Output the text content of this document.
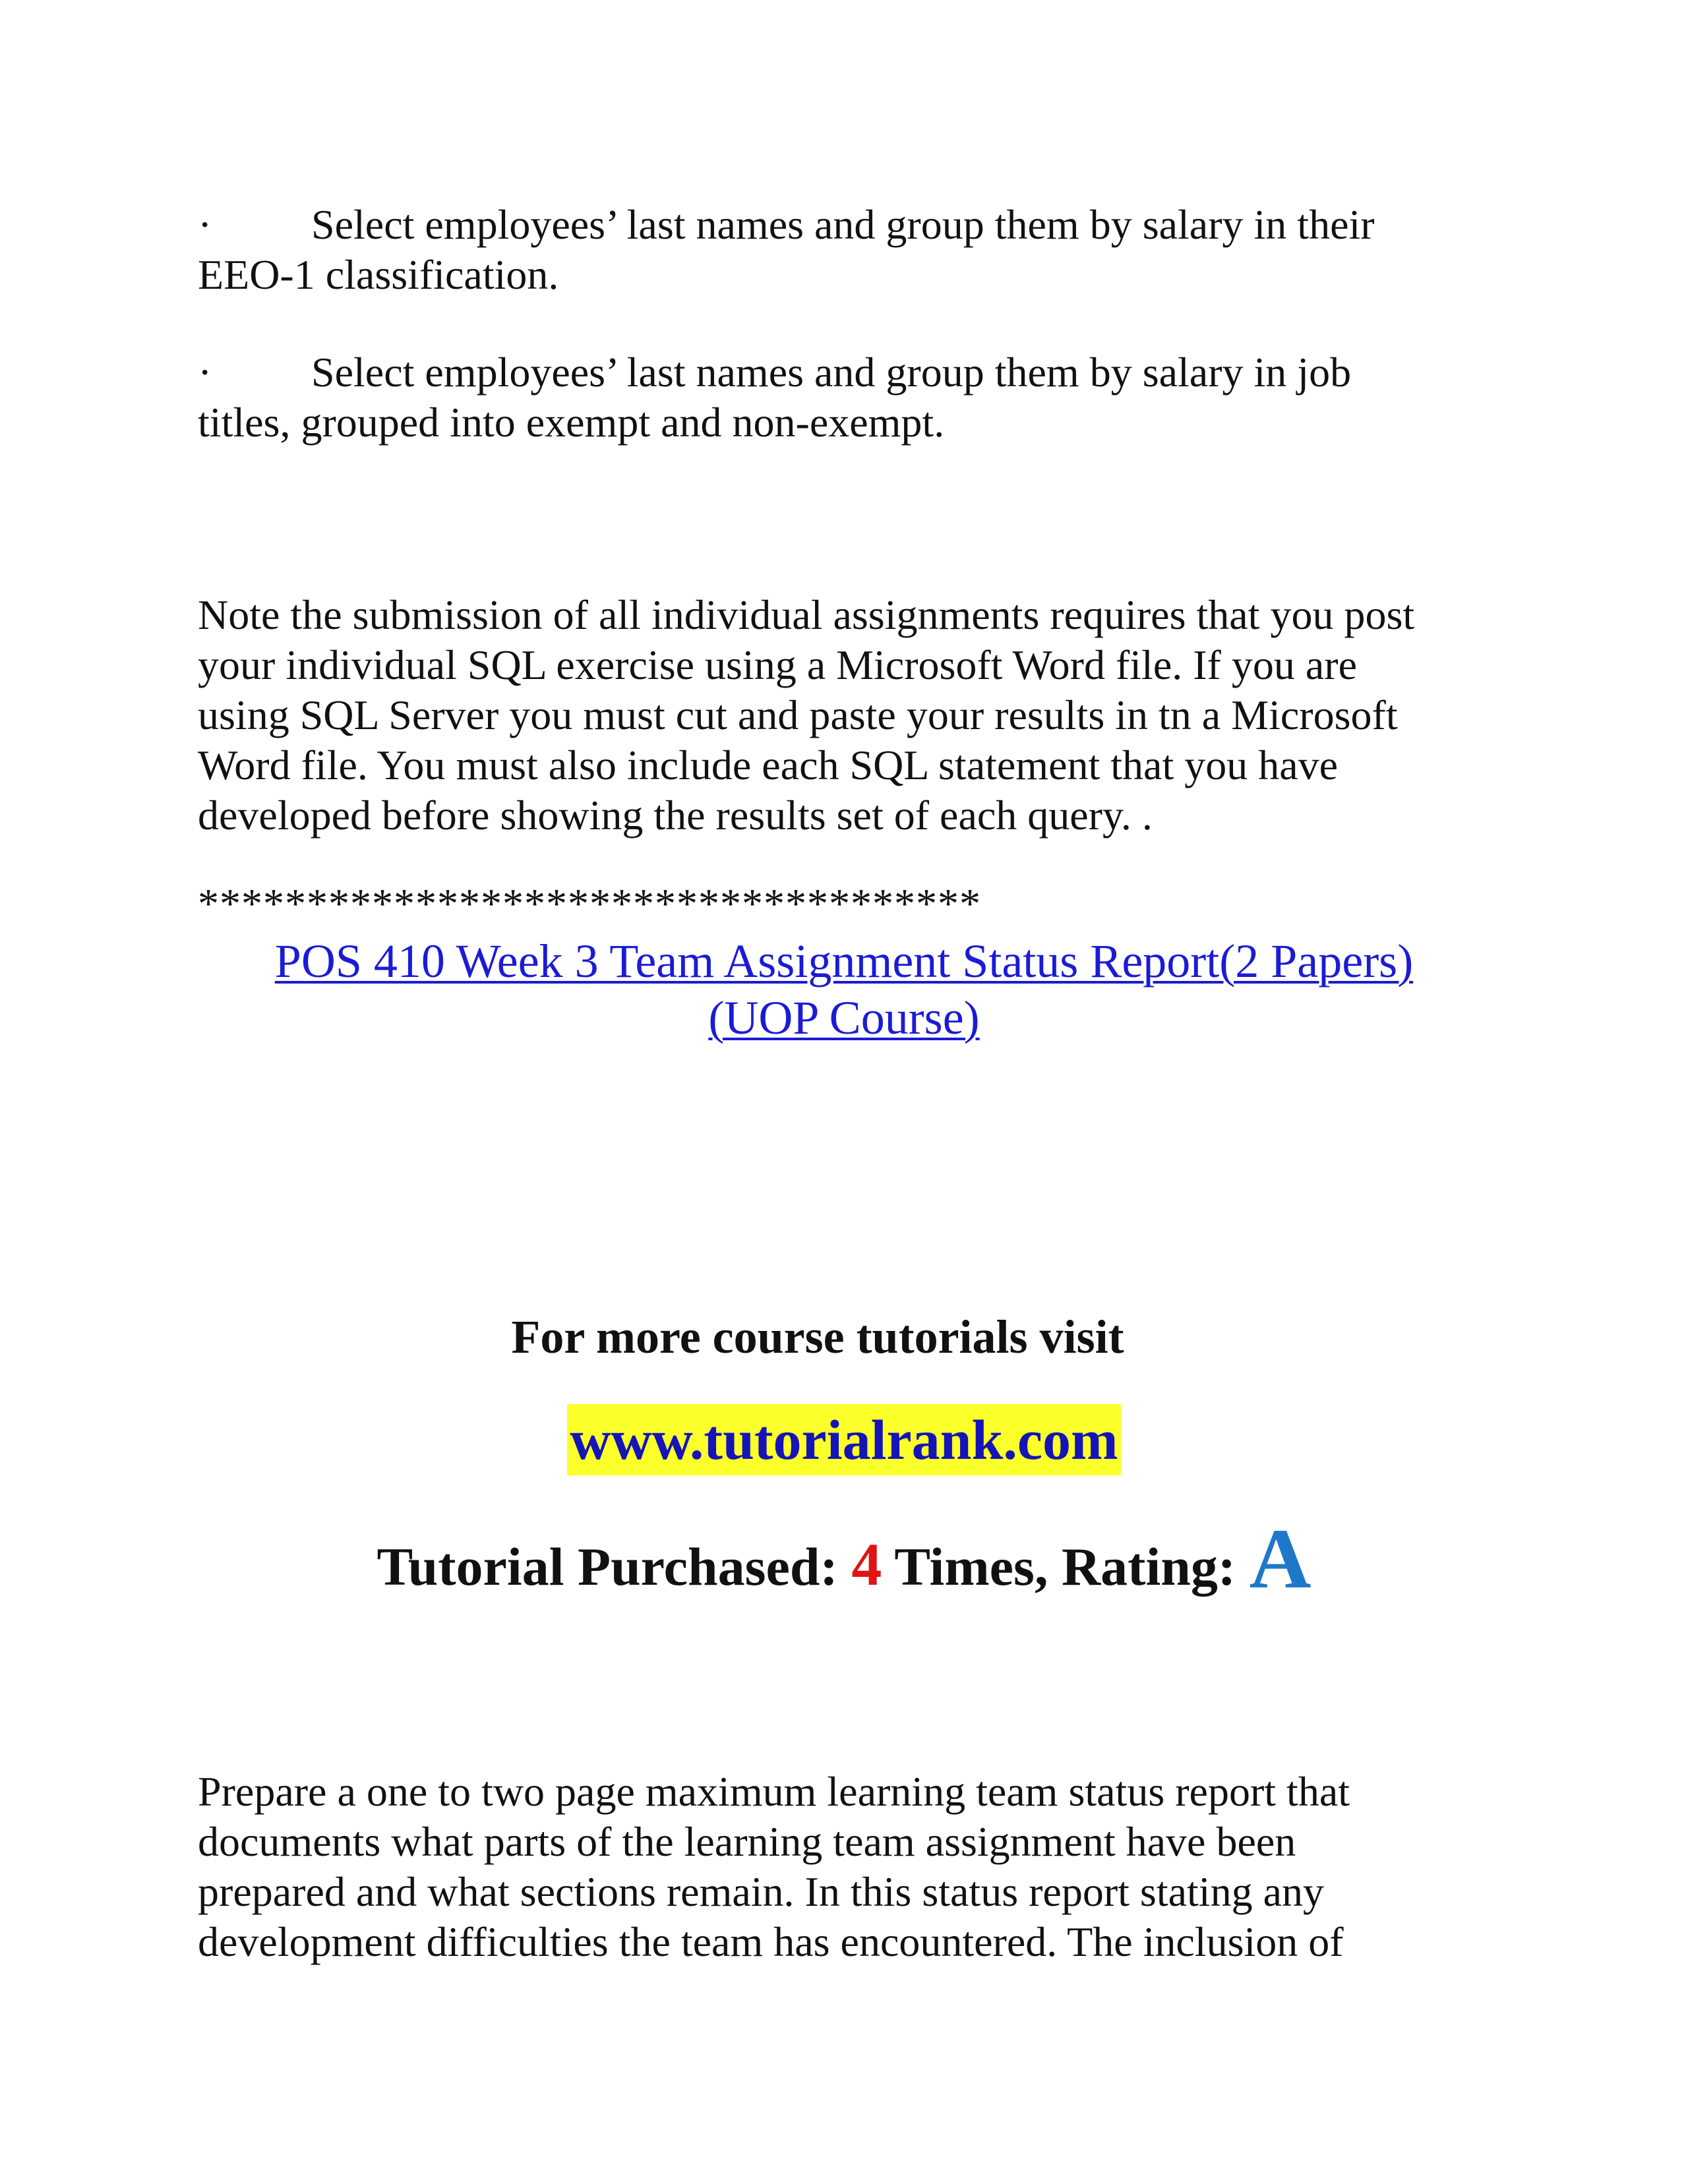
· Select employees’ last names and group them by salary in their
EEO-1 classification.
· Select employees’ last names and group them by salary in job
titles, grouped into exempt and non-exempt.
Note the submission of all individual assignments requires that you post
your individual SQL exercise using a Microsoft Word file. If you are
using SQL Server you must cut and paste your results in tn a Microsoft
Word file. You must also include each SQL statement that you have
developed before showing the results set of each query. .
************************************
POS 410 Week 3 Team Assignment Status Report(2 Papers)
(UOP Course)
For more course tutorials visit
www.tutorialrank.com
Tutorial Purchased: 4 Times, Rating: A
Prepare a one to two page maximum learning team status report that
documents what parts of the learning team assignment have been
prepared and what sections remain. In this status report stating any
development difficulties the team has encountered. The inclusion of
